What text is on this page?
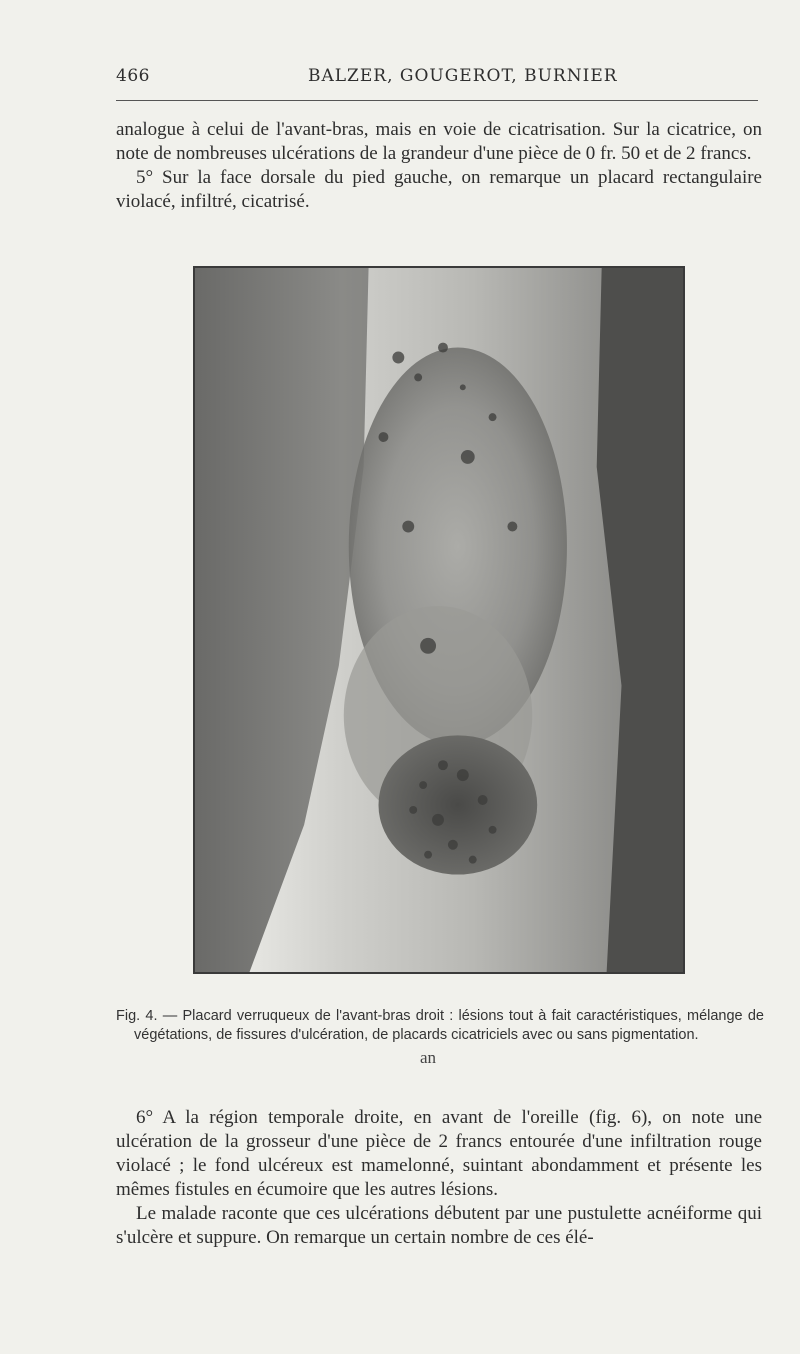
466	BALZER, GOUGEROT, BURNIER

analogue à celui de l'avant-bras, mais en voie de cicatrisation. Sur la cicatrice, on note de nombreuses ulcérations de la grandeur d'une pièce de 0 fr. 50 et de 2 francs.

5° Sur la face dorsale du pied gauche, on remarque un placard rectangulaire violacé, infiltré, cicatrisé.

Fig. 4. — Placard verruqueux de l'avant-bras droit : lésions tout à fait caractéristiques, mélange de végétations, de fissures d'ulcération, de placards cicatriciels avec ou sans pigmentation.

an

6° A la région temporale droite, en avant de l'oreille (fig. 6), on note une ulcération de la grosseur d'une pièce de 2 francs entourée d'une infiltration rouge violacé ; le fond ulcéreux est mamelonné, suintant abondamment et présente les mêmes fistules en écumoire que les autres lésions.

Le malade raconte que ces ulcérations débutent par une pustulette acnéiforme qui s'ulcère et suppure. On remarque un certain nombre de ces élé-
